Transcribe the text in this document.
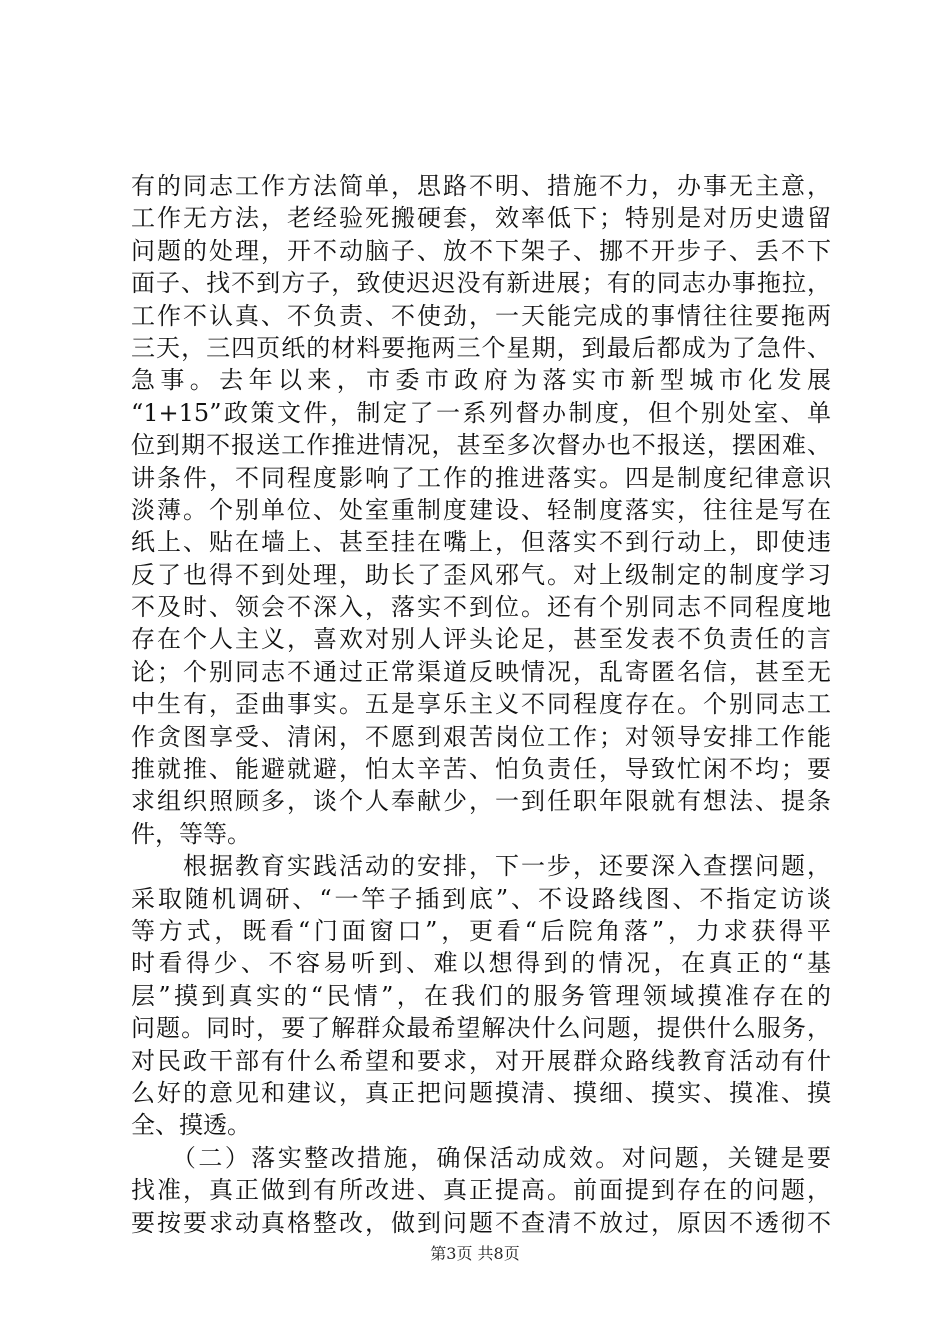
有的同志工作方法简单，思路不明、措施不力，办事无主意，
工作无方法，老经验死搬硬套，效率低下；特别是对历史遗留
问题的处理，开不动脑子、放不下架子、挪不开步子、丢不下
面子、找不到方子，致使迟迟没有新进展；有的同志办事拖拉，
工作不认真、不负责、不使劲，一天能完成的事情往往要拖两
三天，三四页纸的材料要拖两三个星期，到最后都成为了急件、
急事。去年以来，市委市政府为落实市新型城市化发展
“1+15”政策文件，制定了一系列督办制度，但个别处室、单
位到期不报送工作推进情况，甚至多次督办也不报送，摆困难、
讲条件，不同程度影响了工作的推进落实。四是制度纪律意识
淡薄。个别单位、处室重制度建设、轻制度落实，往往是写在
纸上、贴在墙上、甚至挂在嘴上，但落实不到行动上，即使违
反了也得不到处理，助长了歪风邪气。对上级制定的制度学习
不及时、领会不深入，落实不到位。还有个别同志不同程度地
存在个人主义，喜欢对别人评头论足，甚至发表不负责任的言
论；个别同志不通过正常渠道反映情况，乱寄匿名信，甚至无
中生有，歪曲事实。五是享乐主义不同程度存在。个别同志工
作贪图享受、清闲，不愿到艰苦岗位工作；对领导安排工作能
推就推、能避就避，怕太辛苦、怕负责任，导致忙闲不均；要
求组织照顾多，谈个人奉献少，一到任职年限就有想法、提条
件，等等。
　　根据教育实践活动的安排，下一步，还要深入查摆问题，
采取随机调研、“一竿子插到底”、不设路线图、不指定访谈
等方式，既看“门面窗口”，更看“后院角落”，力求获得平
时看得少、不容易听到、难以想得到的情况，在真正的“基
层”摸到真实的“民情”，在我们的服务管理领域摸准存在的
问题。同时，要了解群众最希望解决什么问题，提供什么服务，
对民政干部有什么希望和要求，对开展群众路线教育活动有什
么好的意见和建议，真正把问题摸清、摸细、摸实、摸准、摸
全、摸透。
　　（二）落实整改措施，确保活动成效。对问题，关键是要
找准，真正做到有所改进、真正提高。前面提到存在的问题，
要按要求动真格整改，做到问题不查清不放过，原因不透彻不
第3页 共8页
